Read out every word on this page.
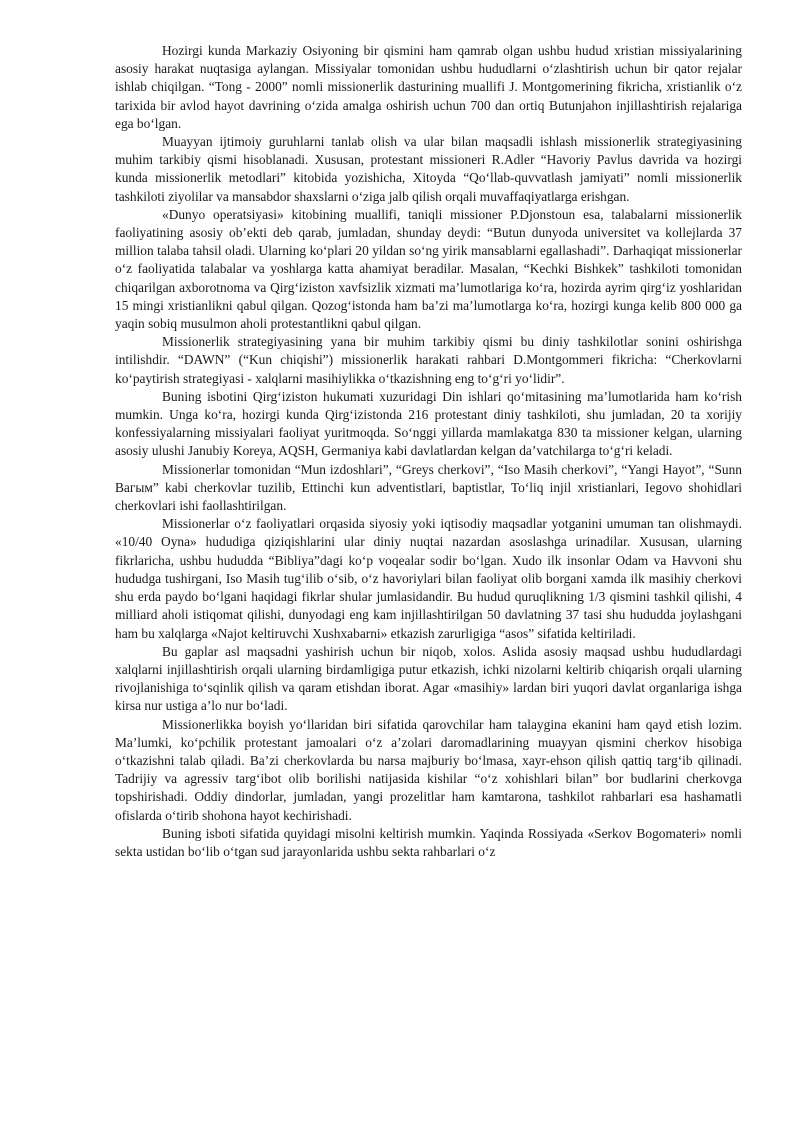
Hozirgi kunda Markaziy Osiyoning bir qismini ham qamrab olgan ushbu hudud xristian missiyalarining asosiy harakat nuqtasiga aylangan. Missiyalar tomonidan ushbu hududlarni oʻzlashtirish uchun bir qator rejalar ishlab chiqilgan. “Tong - 2000” nomli missionerlik dasturining muallifi J. Montgomerining fikricha, xristianlik oʻz tarixida bir avlod hayot davrining oʻzida amalga oshirish uchun 700 dan ortiq Butunjahon injillashtirish rejalariga ega boʻlgan.

Muayyan ijtimoiy guruhlarni tanlab olish va ular bilan maqsadli ishlash missionerlik strategiyasining muhim tarkibiy qismi hisoblanadi. Xususan, protestant missioneri R.Adler “Havoriy Pavlus davrida va hozirgi kunda missionerlik metodlari” kitobida yozishicha, Xitoyda “Qoʻllab-quvvatlash jamiyati” nomli missionerlik tashkiloti ziyolilar va mansabdor shaxslarni oʻziga jalb qilish orqali muvaffaqiyatlarga erishgan.

«Dunyo operatsiyasi» kitobining muallifi, taniqli missioner P.Djonstoun esa, talabalarni missionerlik faoliyatining asosiy obʼekti deb qarab, jumladan, shunday deydi: “Butun dunyoda universitet va kollejlarda 37 million talaba tahsil oladi. Ularning koʻplari 20 yildan soʻng yirik mansablarni egallashadi”. Darhaqiqat missionerlar oʻz faoliyatida talabalar va yoshlarga katta ahamiyat beradilar. Masalan, “Kechki Bishkek” tashkiloti tomonidan chiqarilgan axborotnoma va Qirgʻiziston xavfsizlik xizmati maʼlumotlariga koʻra, hozirda ayrim qirgʻiz yoshlaridan 15 mingi xristianlikni qabul qilgan. Qozogʻistonda ham baʼzi maʼlumotlarga koʻra, hozirgi kunga kelib 800 000 ga yaqin sobiq musulmon aholi protestantlikni qabul qilgan.

Missionerlik strategiyasining yana bir muhim tarkibiy qismi bu diniy tashkilotlar sonini oshirishga intilishdir. “DAWN” (“Kun chiqishi”) missionerlik harakati rahbari D.Montgommeri fikricha: “Cherkovlarni koʻpaytirish strategiyasi - xalqlarni masihiylikka oʻtkazishning eng toʻgʻri yoʻlidir”.

Buning isbotini Qirgʻiziston hukumati xuzuridagi Din ishlari qoʻmitasining maʼlumotlarida ham koʻrish mumkin. Unga koʻra, hozirgi kunda Qirgʻizistonda 216 protestant diniy tashkiloti, shu jumladan, 20 ta xorijiy konfessiyalarning missiyalari faoliyat yuritmoqda. Soʻnggi yillarda mamlakatga 830 ta missioner kelgan, ularning asosiy ulushi Janubiy Koreya, AQSH, Germaniya kabi davlatlardan kelgan daʼvatchilarga toʻgʻri keladi.

Missionerlar tomonidan “Mun izdoshlari”, “Greys cherkovi”, “Iso Masih cherkovi”, “Yangi Hayot”, “Sunn Вагым” kabi cherkovlar tuzilib, Ettinchi kun adventistlari, baptistlar, Toʻliq injil xristianlari, Iegovo shohidlari cherkovlari ishi faollashtirilgan.

Missionerlar oʻz faoliyatlari orqasida siyosiy yoki iqtisodiy maqsadlar yotganini umuman tan olishmaydi. «10/40 Oyna» hududiga qiziqishlarini ular diniy nuqtai nazardan asoslashga urinadilar. Xususan, ularning fikrlaricha, ushbu hududda “Bibliya”dagi koʻp voqealar sodir boʻlgan. Xudo ilk insonlar Odam va Havvoni shu hududga tushirgani, Iso Masih tugʻilib oʻsib, oʻz havoriylari bilan faoliyat olib borgani xamda ilk masihiy cherkovi shu erda paydo boʻlgani haqidagi fikrlar shular jumlasidandir. Bu hudud quruqlikning 1/3 qismini tashkil qilishi, 4 milliard aholi istiqomat qilishi, dunyodagi eng kam injillashtirilgan 50 davlatning 37 tasi shu hududda joylashgani ham bu xalqlarga «Najot keltiruvchi Xushxabarni» etkazish zarurligiga “asos” sifatida keltiriladi.

Bu gaplar asl maqsadni yashirish uchun bir niqob, xolos. Aslida asosiy maqsad ushbu hududlardagi xalqlarni injillashtirish orqali ularning birdamligiga putur etkazish, ichki nizolarni keltirib chiqarish orqali ularning rivojlanishiga toʻsqinlik qilish va qaram etishdan iborat. Agar «masihiy» lardan biri yuqori davlat organlariga ishga kirsa nur ustiga aʼlo nur boʻladi.

Missionerlikka boyish yoʻllaridan biri sifatida qarovchilar ham talaygina ekanini ham qayd etish lozim. Maʼlumki, koʻpchilik protestant jamoalari oʻz aʼzolari daromadlarining muayyan qismini cherkov hisobiga oʻtkazishni talab qiladi. Baʼzi cherkovlarda bu narsa majburiy boʻlmasa, xayr-ehson qilish qattiq targʻib qilinadi. Tadrijiy va agressiv targʻibot olib borilishi natijasida kishilar “oʻz xohishlari bilan” bor budlarini cherkovga topshirishadi. Oddiy dindorlar, jumladan, yangi prozelitlar ham kamtarona, tashkilot rahbarlari esa hashamatli ofislarda oʻtirib shohona hayot kechirishadi.

Buning isboti sifatida quyidagi misolni keltirish mumkin. Yaqinda Rossiyada «Serkov Bogomateri» nomli sekta ustidan boʻlib oʻtgan sud jarayonlarida ushbu sekta rahbarlari oʻz
